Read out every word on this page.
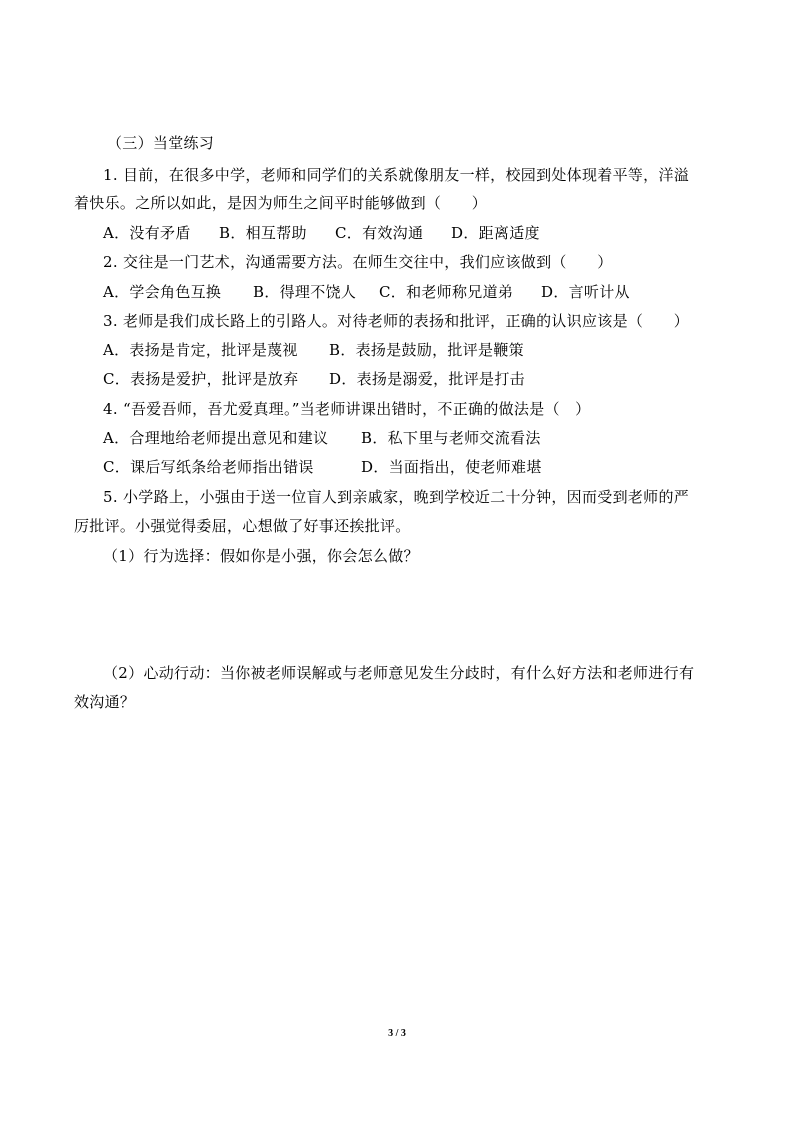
（三）当堂练习
1. 目前，在很多中学，老师和同学们的关系就像朋友一样，校园到处体现着平等，洋溢
着快乐。之所以如此，是因为师生之间平时能够做到（　　）
A．没有矛盾 B．相互帮助 C．有效沟通 D．距离适度
2. 交往是一门艺术，沟通需要方法。在师生交往中，我们应该做到（　　）
A．学会角色互换 B．得理不饶人 C．和老师称兄道弟 D．言听计从
3. 老师是我们成长路上的引路人。对待老师的表扬和批评，正确的认识应该是（　　）
A．表扬是肯定，批评是蔑视 B．表扬是鼓励，批评是鞭策
C．表扬是爱护，批评是放弃 D．表扬是溺爱，批评是打击
4. “吾爱吾师，吾尤爱真理。”当老师讲课出错时，不正确的做法是（　）
A．合理地给老师提出意见和建议 B．私下里与老师交流看法
C．课后写纸条给老师指出错误	D．当面指出，使老师难堪
5. 小学路上，小强由于送一位盲人到亲戚家，晚到学校近二十分钟，因而受到老师的严
厉批评。小强觉得委屈，心想做了好事还挨批评。
（1）行为选择：假如你是小强，你会怎么做？
（2）心动行动：当你被老师误解或与老师意见发生分歧时，有什么好方法和老师进行有
效沟通？
3 / 3
